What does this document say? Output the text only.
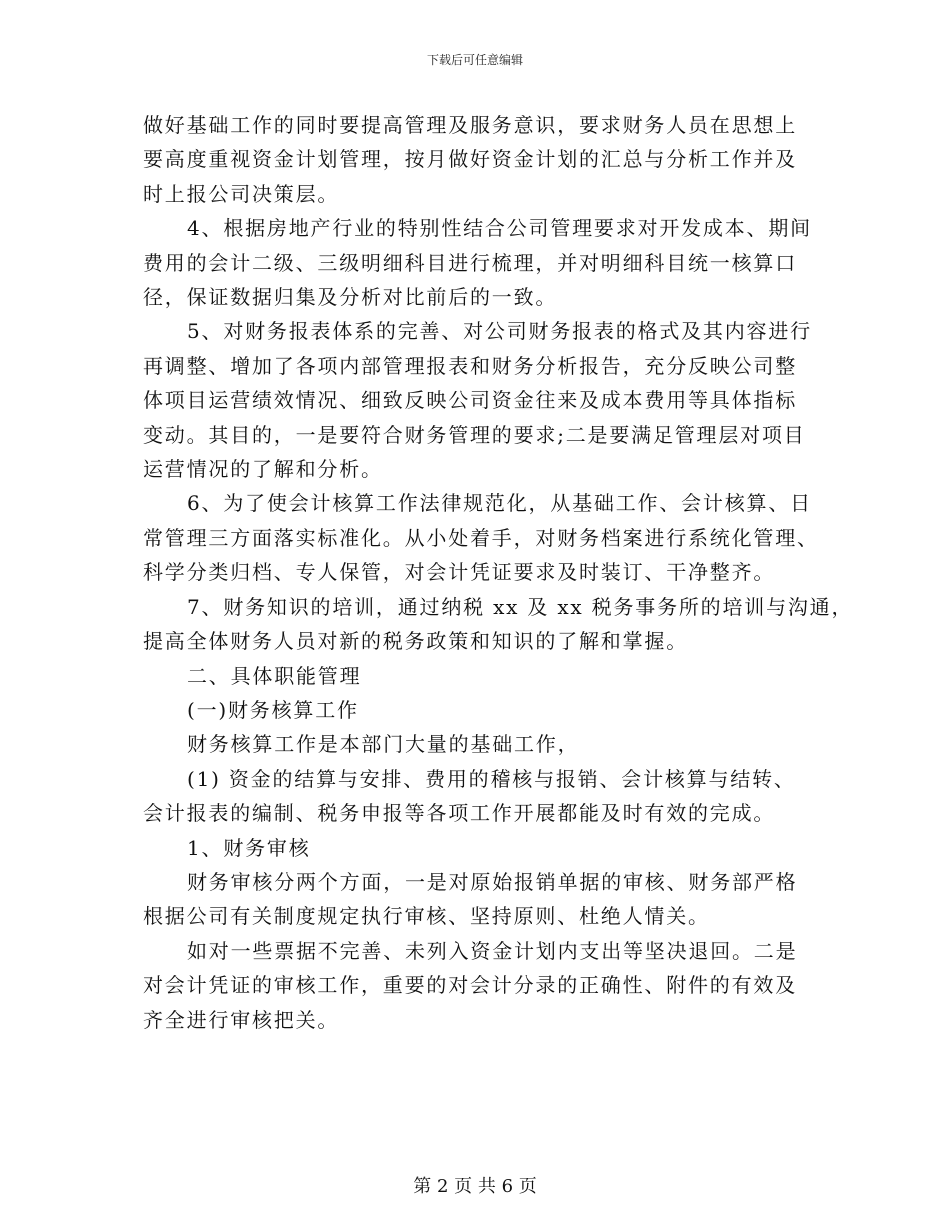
下载后可任意编辑

做好基础工作的同时要提高管理及服务意识，要求财务人员在思想上
要高度重视资金计划管理，按月做好资金计划的汇总与分析工作并及
时上报公司决策层。

4、根据房地产行业的特别性结合公司管理要求对开发成本、期间
费用的会计二级、三级明细科目进行梳理，并对明细科目统一核算口
径，保证数据归集及分析对比前后的一致。

5、对财务报表体系的完善、对公司财务报表的格式及其内容进行
再调整、增加了各项内部管理报表和财务分析报告，充分反映公司整
体项目运营绩效情况、细致反映公司资金往来及成本费用等具体指标
变动。其目的，一是要符合财务管理的要求;二是要满足管理层对项目
运营情况的了解和分析。

6、为了使会计核算工作法律规范化，从基础工作、会计核算、日
常管理三方面落实标准化。从小处着手，对财务档案进行系统化管理、
科学分类归档、专人保管，对会计凭证要求及时装订、干净整齐。

7、财务知识的培训，通过纳税 xx 及 xx 税务事务所的培训与沟通，
提高全体财务人员对新的税务政策和知识的了解和掌握。

二、具体职能管理

(一)财务核算工作

财务核算工作是本部门大量的基础工作，

(1) 资金的结算与安排、费用的稽核与报销、会计核算与结转、
会计报表的编制、税务申报等各项工作开展都能及时有效的完成。

1、财务审核

财务审核分两个方面，一是对原始报销单据的审核、财务部严格
根据公司有关制度规定执行审核、坚持原则、杜绝人情关。

如对一些票据不完善、未列入资金计划内支出等坚决退回。二是
对会计凭证的审核工作，重要的对会计分录的正确性、附件的有效及
齐全进行审核把关。

第 2 页 共 6 页
